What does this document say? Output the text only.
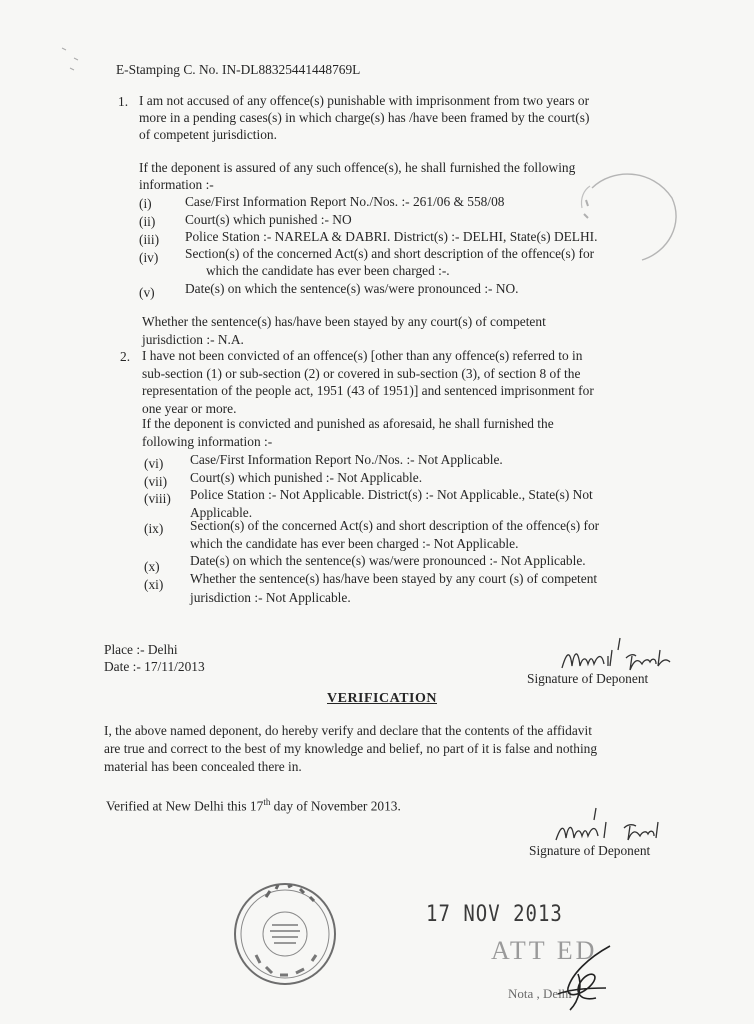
E-Stamping C. No. IN-DL88325441448769L
1. I am not accused of any offence(s) punishable with imprisonment from two years or
more in a pending cases(s) in which charge(s) has /have been framed by the court(s)
of competent jurisdiction.
If the deponent is assured of any such offence(s), he shall furnished the following
information :-
(i) Case/First Information Report No./Nos. :- 261/06 & 558/08
(ii) Court(s) which punished :- NO
(iii) Police Station :- NARELA & DABRI. District(s) :- DELHI, State(s) DELHI.
(iv) Section(s) of the concerned Act(s) and short description of the offence(s) for
which the candidate has ever been charged :-.
(v) Date(s) on which the sentence(s) was/were pronounced :- NO.
Whether the sentence(s) has/have been stayed by any court(s) of competent
jurisdiction :- N.A.
2. I have not been convicted of an offence(s) [other than any offence(s) referred to in
sub-section (1) or sub-section (2) or covered in sub-section (3), of section 8 of the
representation of the people act, 1951 (43 of 1951)] and sentenced imprisonment for
one year or more.
If the deponent is convicted and punished as aforesaid, he shall furnished the
following information :-
(vi) Case/First Information Report No./Nos. :- Not Applicable.
(vii) Court(s) which punished :- Not Applicable.
(viii) Police Station :- Not Applicable. District(s) :- Not Applicable., State(s) Not
Applicable.
(ix) Section(s) of the concerned Act(s) and short description of the offence(s) for
which the candidate has ever been charged :- Not Applicable.
(x) Date(s) on which the sentence(s) was/were pronounced :- Not Applicable.
(xi) Whether the sentence(s) has/have been stayed by any court (s) of competent
jurisdiction :- Not Applicable.
Place :- Delhi
Date :- 17/11/2013
Signature of Deponent
VERIFICATION
I, the above named deponent, do hereby verify and declare that the contents of the affidavit
are true and correct to the best of my knowledge and belief, no part of it is false and nothing
material has been concealed there in.
Verified at New Delhi this 17th day of November 2013.
Signature of Deponent
17 NOV 2013
ATT ED
Nota , Delhi
